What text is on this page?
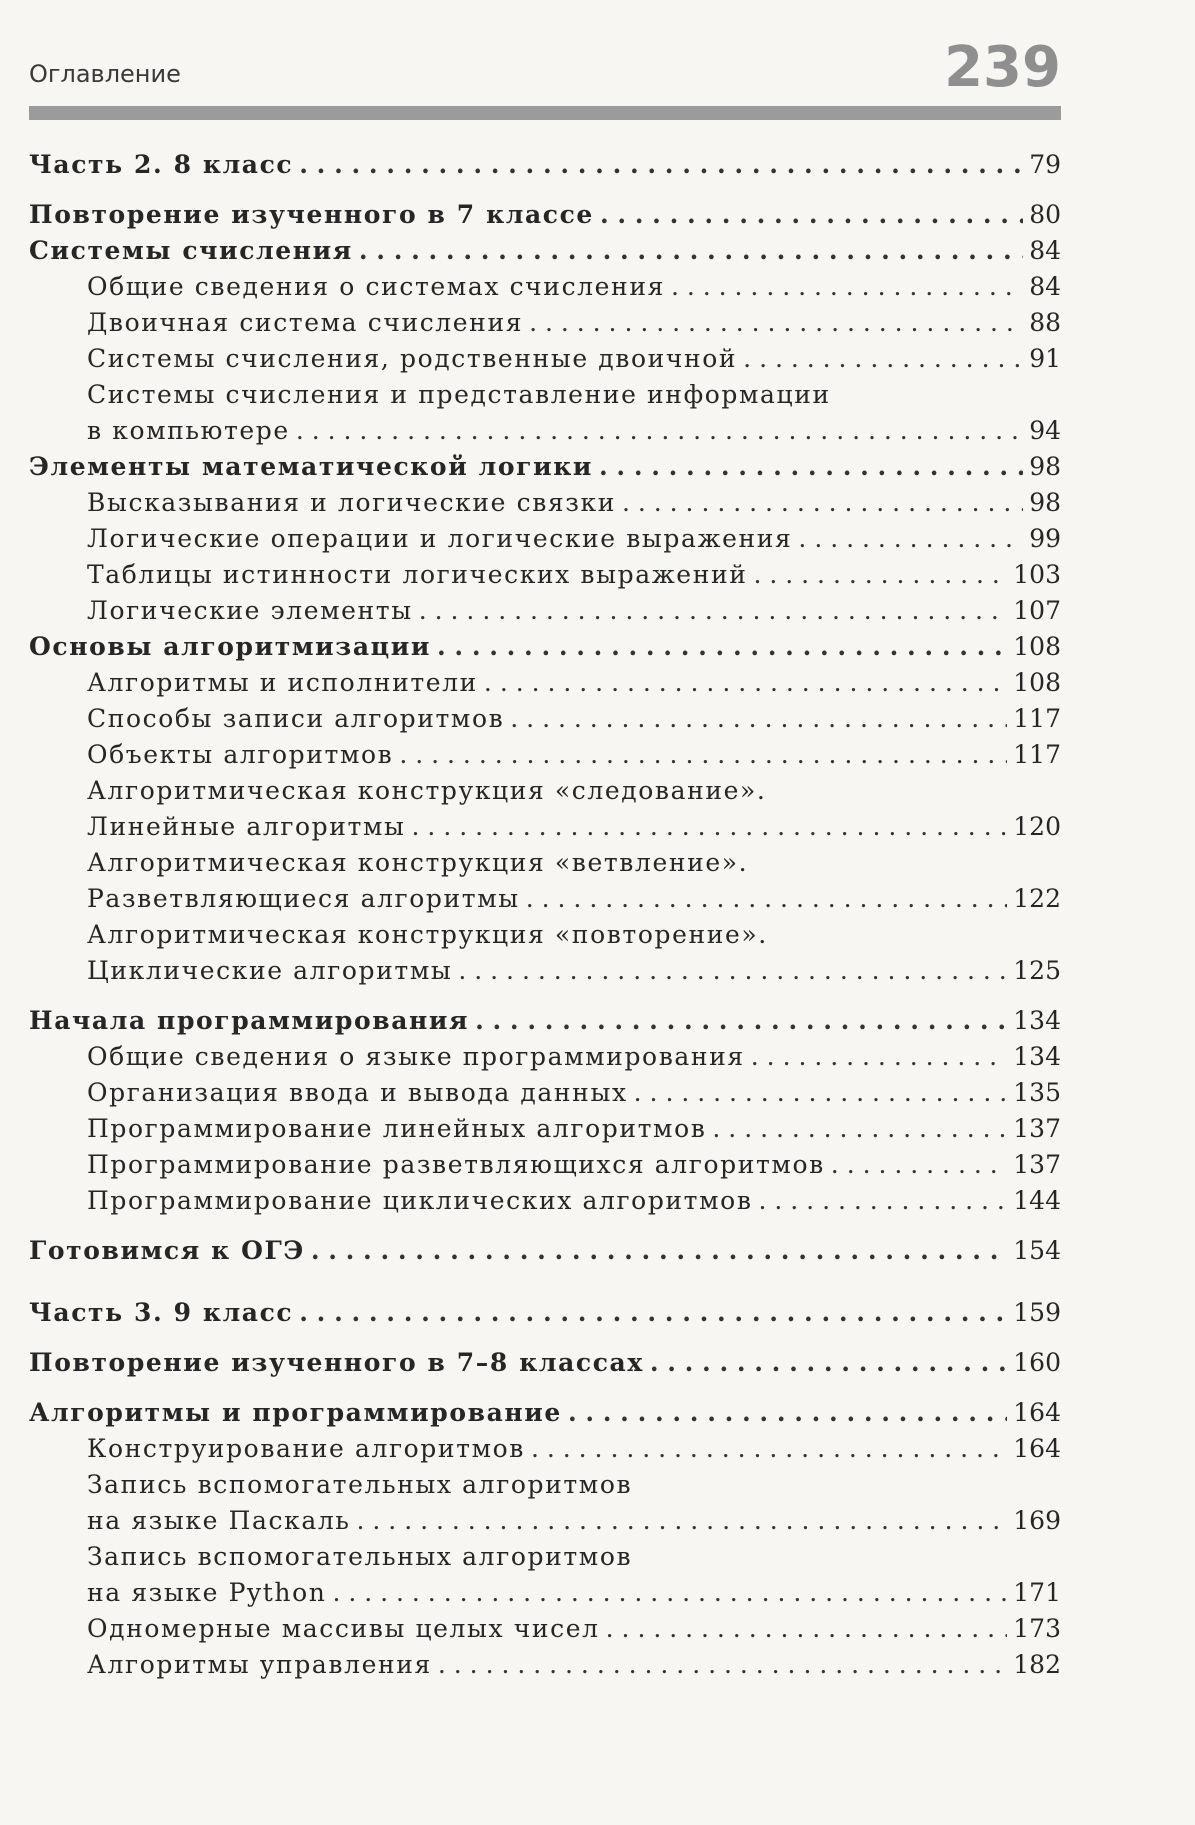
Оглавление	239
Часть 2. 8 класс . . .	79
Повторение изученного в 7 классе . . .	80
Системы счисления . . .	84
Общие сведения о системах счисления . . .	84
Двоичная система счисления . . .	88
Системы счисления, родственные двоичной . . .	91
Системы счисления и представление информации
в компьютере . . .	94
Элементы математической логики . . .	98
Высказывания и логические связки . . .	98
Логические операции и логические выражения . . .	99
Таблицы истинности логических выражений . . .	103
Логические элементы . . .	107
Основы алгоритмизации . . .	108
Алгоритмы и исполнители . . .	108
Способы записи алгоритмов . . .	117
Объекты алгоритмов . . .	117
Алгоритмическая конструкция «следование».
Линейные алгоритмы . . .	120
Алгоритмическая конструкция «ветвление».
Разветвляющиеся алгоритмы . . .	122
Алгоритмическая конструкция «повторение».
Циклические алгоритмы . . .	125
Начала программирования . . .	134
Общие сведения о языке программирования . . .	134
Организация ввода и вывода данных . . .	135
Программирование линейных алгоритмов . . .	137
Программирование разветвляющихся алгоритмов . . .	137
Программирование циклических алгоритмов . . .	144
Готовимся к ОГЭ . . .	154
Часть 3. 9 класс . . .	159
Повторение изученного в 7–8 классах . . .	160
Алгоритмы и программирование . . .	164
Конструирование алгоритмов . . .	164
Запись вспомогательных алгоритмов
на языке Паскаль . . .	169
Запись вспомогательных алгоритмов
на языке Python . . .	171
Одномерные массивы целых чисел . . .	173
Алгоритмы управления . . .	182
